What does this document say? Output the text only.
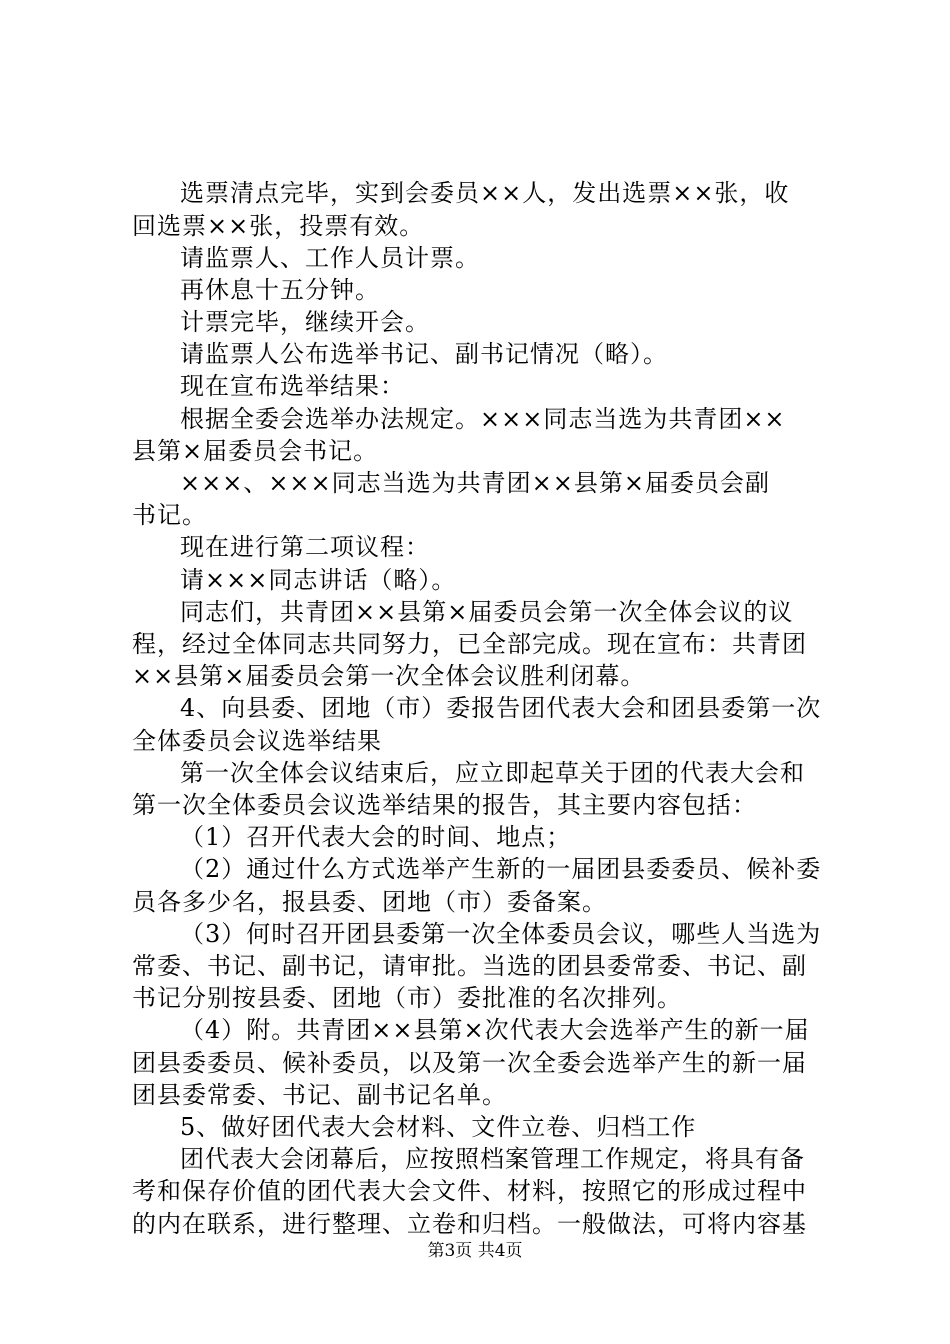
选票清点完毕，实到会委员××人，发出选票××张，收
回选票××张，投票有效。
请监票人、工作人员计票。
再休息十五分钟。
计票完毕，继续开会。
请监票人公布选举书记、副书记情况（略）。
现在宣布选举结果：
根据全委会选举办法规定。×××同志当选为共青团××
县第×届委员会书记。
×××、×××同志当选为共青团××县第×届委员会副
书记。
现在进行第二项议程：
请×××同志讲话（略）。
同志们，共青团××县第×届委员会第一次全体会议的议
程，经过全体同志共同努力，已全部完成。现在宣布：共青团
××县第×届委员会第一次全体会议胜利闭幕。
4、向县委、团地（市）委报告团代表大会和团县委第一次
全体委员会议选举结果
第一次全体会议结束后，应立即起草关于团的代表大会和
第一次全体委员会议选举结果的报告，其主要内容包括：
（1）召开代表大会的时间、地点；
（2）通过什么方式选举产生新的一届团县委委员、候补委
员各多少名，报县委、团地（市）委备案。
（3）何时召开团县委第一次全体委员会议，哪些人当选为
常委、书记、副书记，请审批。当选的团县委常委、书记、副
书记分别按县委、团地（市）委批准的名次排列。
（4）附。共青团××县第×次代表大会选举产生的新一届
团县委委员、候补委员，以及第一次全委会选举产生的新一届
团县委常委、书记、副书记名单。
5、做好团代表大会材料、文件立卷、归档工作
团代表大会闭幕后，应按照档案管理工作规定，将具有备
考和保存价值的团代表大会文件、材料，按照它的形成过程中
的内在联系，进行整理、立卷和归档。一般做法，可将内容基
第3页 共4页
